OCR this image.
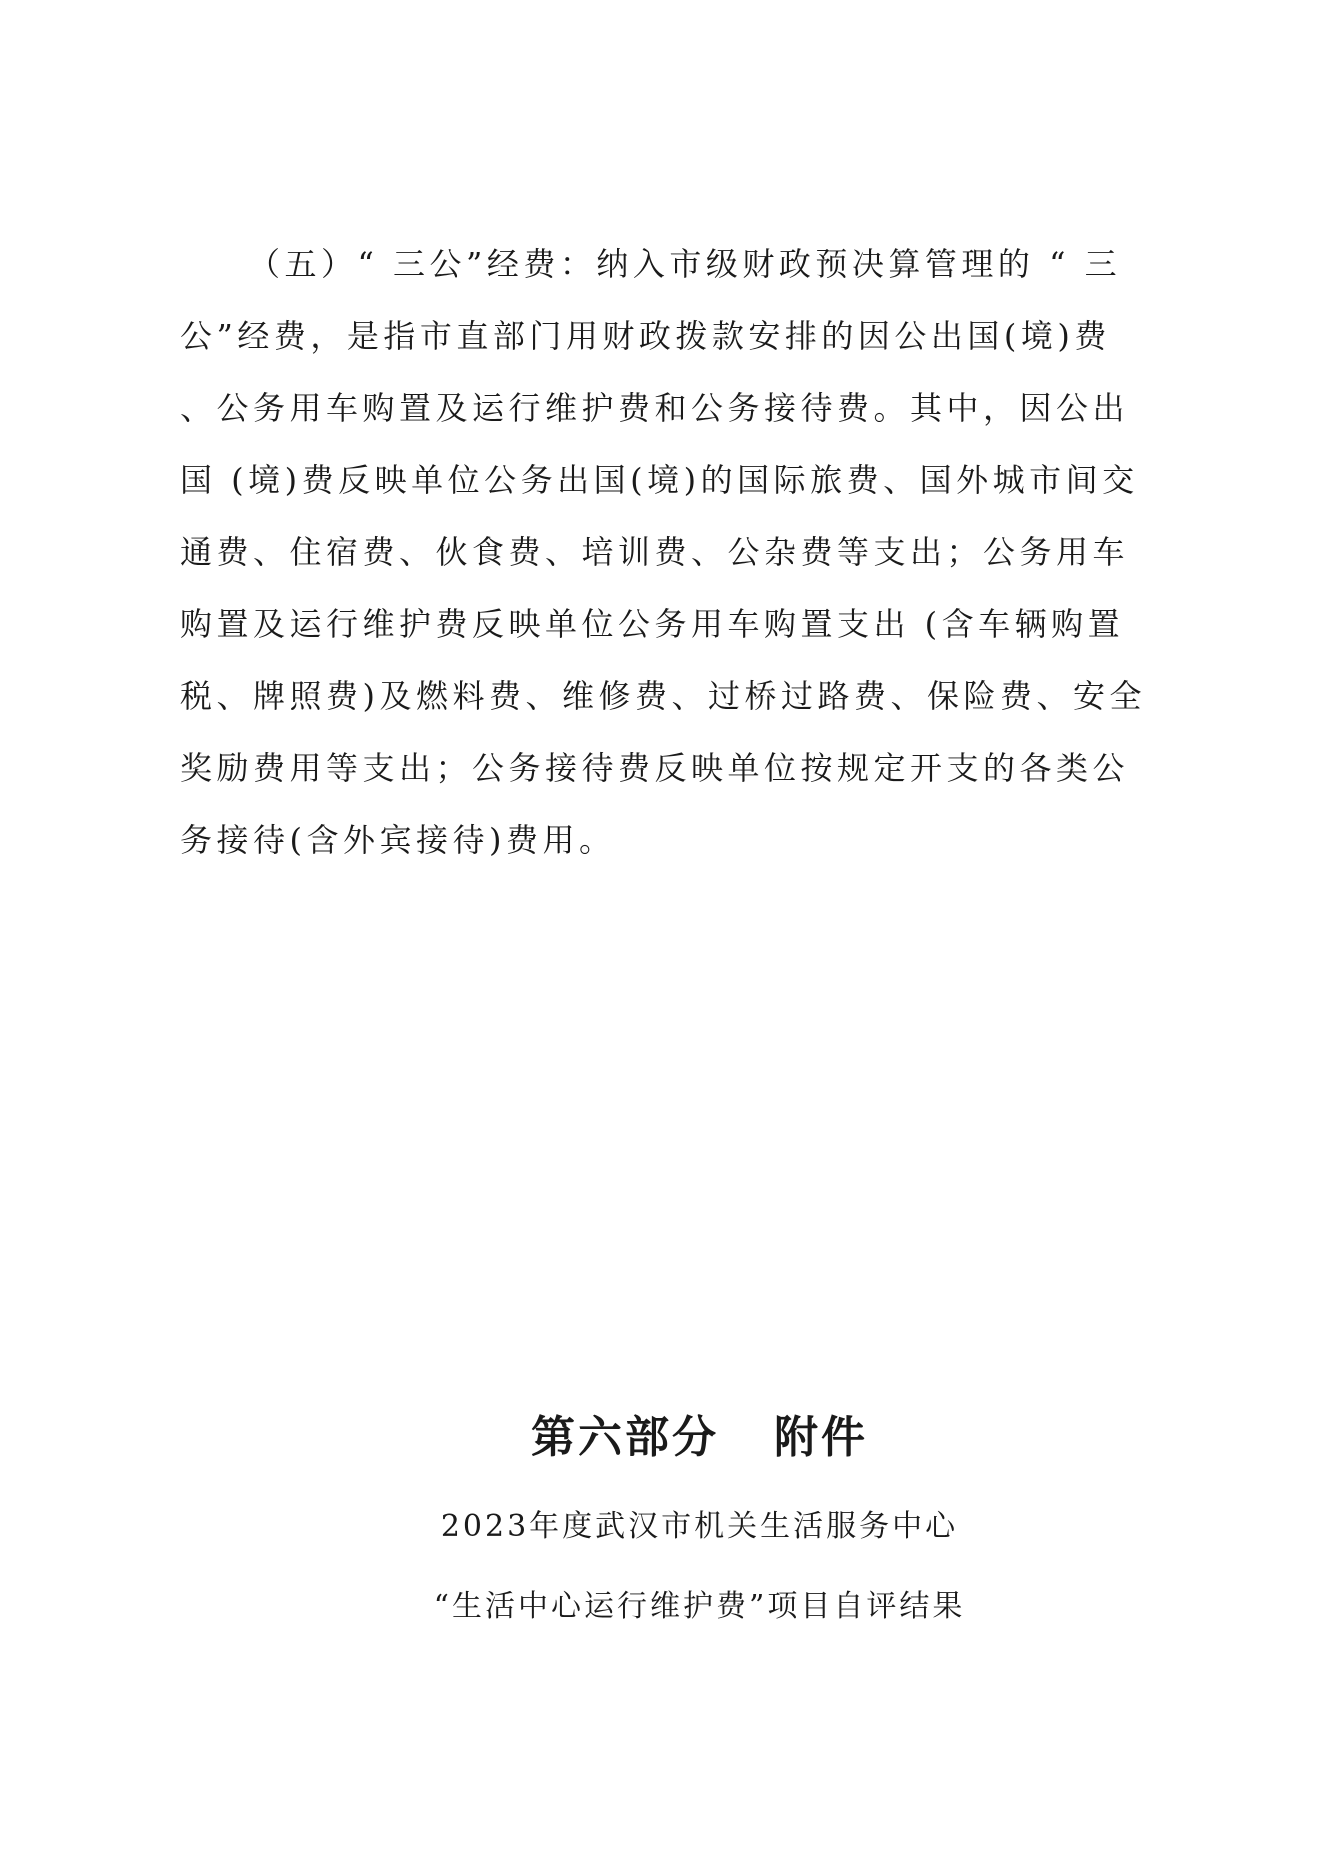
（五）“ 三公”经费：纳入市级财政预决算管理的 “ 三
公”经费，是指市直部门用财政拨款安排的因公出国(境)费
、公务用车购置及运行维护费和公务接待费。其中，因公出
国 (境)费反映单位公务出国(境)的国际旅费、国外城市间交
通费、住宿费、伙食费、培训费、公杂费等支出；公务用车
购置及运行维护费反映单位公务用车购置支出 (含车辆购置
税、牌照费)及燃料费、维修费、过桥过路费、保险费、安全
奖励费用等支出；公务接待费反映单位按规定开支的各类公
务接待(含外宾接待)费用。
第六部分   附件
2023年度武汉市机关生活服务中心
“生活中心运行维护费”项目自评结果
